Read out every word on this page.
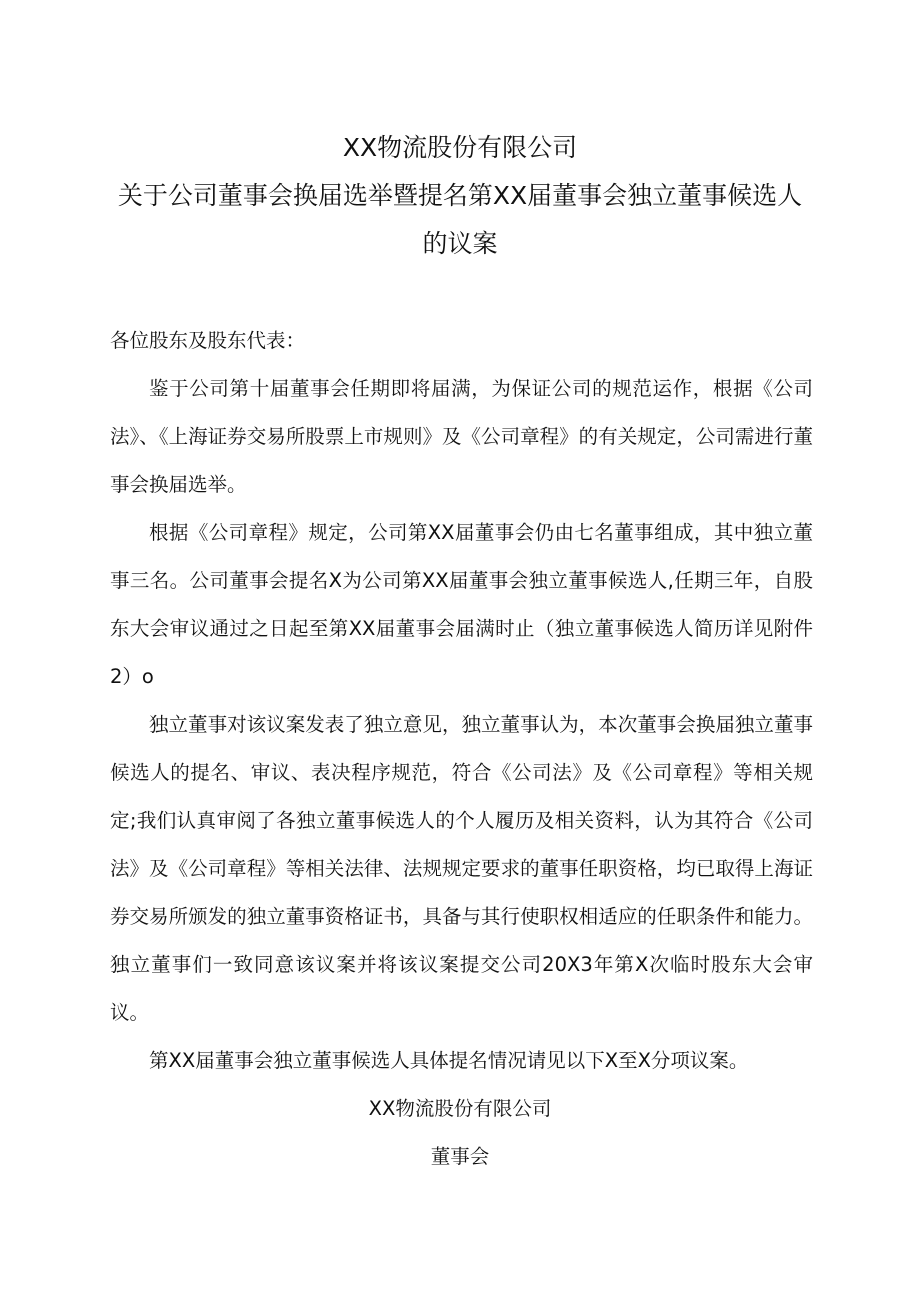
XX物流股份有限公司
关于公司董事会换届选举暨提名第XX届董事会独立董事候选人
的议案

各位股东及股东代表：

鉴于公司第十届董事会任期即将届满，为保证公司的规范运作，根据《公司法》、《上海证券交易所股票上市规则》及《公司章程》的有关规定，公司需进行董事会换届选举。

根据《公司章程》规定，公司第XX届董事会仍由七名董事组成，其中独立董事三名。公司董事会提名X为公司第XX届董事会独立董事候选人,任期三年，自股东大会审议通过之日起至第XX届董事会届满时止（独立董事候选人简历详见附件2）o

独立董事对该议案发表了独立意见，独立董事认为，本次董事会换届独立董事候选人的提名、审议、表决程序规范，符合《公司法》及《公司章程》等相关规定;我们认真审阅了各独立董事候选人的个人履历及相关资料，认为其符合《公司法》及《公司章程》等相关法律、法规规定要求的董事任职资格，均已取得上海证券交易所颁发的独立董事资格证书，具备与其行使职权相适应的任职条件和能力。独立董事们一致同意该议案并将该议案提交公司20X3年第X次临时股东大会审议。

第XX届董事会独立董事候选人具体提名情况请见以下X至X分项议案。

XX物流股份有限公司
董事会
